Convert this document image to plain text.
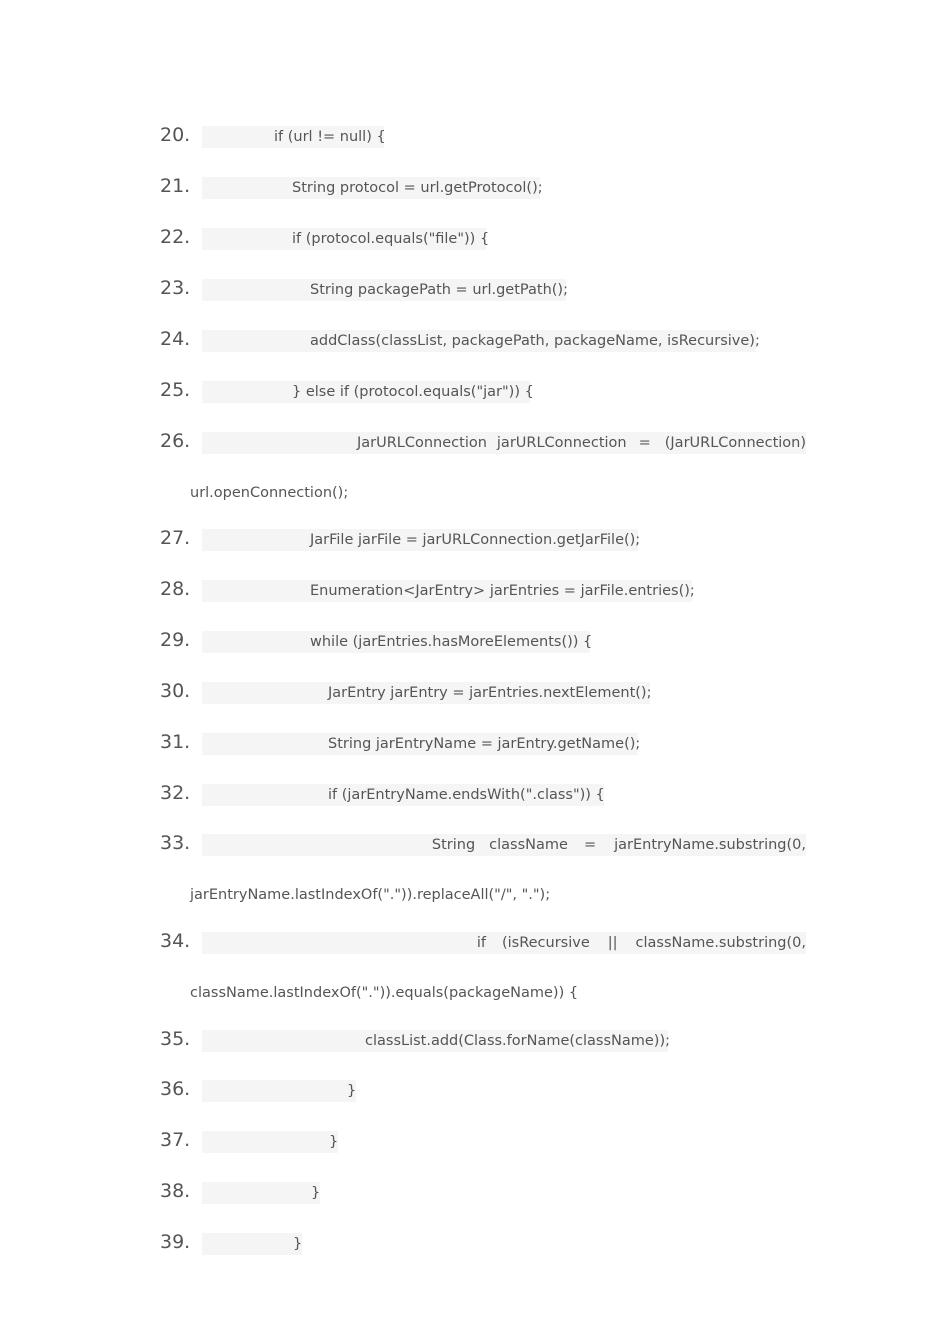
20.	if (url != null) {
21.	String protocol = url.getProtocol();
22.	if (protocol.equals("file")) {
23.	String packagePath = url.getPath();
24.	addClass(classList, packagePath, packageName, isRecursive);
25.	} else if (protocol.equals("jar")) {
26.	JarURLConnection jarURLConnection = (JarURLConnection)
url.openConnection();
27.	JarFile jarFile = jarURLConnection.getJarFile();
28.	Enumeration<JarEntry> jarEntries = jarFile.entries();
29.	while (jarEntries.hasMoreElements()) {
30.	JarEntry jarEntry = jarEntries.nextElement();
31.	String jarEntryName = jarEntry.getName();
32.	if (jarEntryName.endsWith(".class")) {
33.	String className = jarEntryName.substring(0,
jarEntryName.lastIndexOf(".")).replaceAll("/", ".");
34.	if (isRecursive || className.substring(0,
className.lastIndexOf(".")).equals(packageName)) {
35.	classList.add(Class.forName(className));
36.	}
37.	}
38.	}
39.	}
